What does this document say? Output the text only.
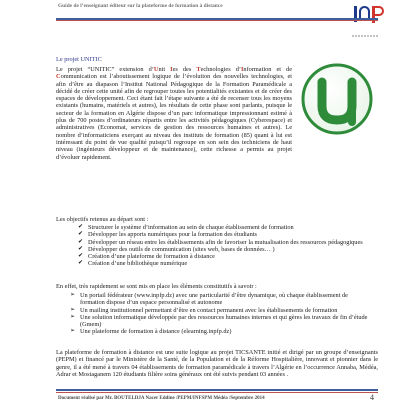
Guide de l’enseignant éditeur sur la plateforme de formation à distance
Le projet UNITIC
Le projet “UNITIC” extension d’Unit Ies des Technologies d’Information et de Communication est l’aboutissement logique de l’évolution des nouvelles technologies, et afin d’être au diapason l’Institut National Pédagogique de la Formation Paramédicale a décidé de créer cette unité afin de regrouper toutes les potentialités existantes et de créer des espaces de développement. Ceci étant fait l’étape suivante a été de recenser tous les moyens existants (humains, matériels et autres), les résultats de cette phase sont parlants, puisque le secteur de la formation en Algérie dispose d’un parc informatique impressionnant estimé à plus de 700 postes d’ordinateurs répartis entre les activités pédagogiques (Cyberespace) et administratives (Economat, services de gestion des ressources humaines et autres). Le nombre d’informaticiens exerçant au niveau des instituts de formation (85) quant à lui est intéressant du point de vue qualité puisqu’il regroupe en son sein des techniciens de haut niveau (ingénieurs développeur et de maintenance), cette richesse a permis au projet d’évoluer rapidement.
Les objectifs retenus au départ sont :
✔ Structurer le système d’information au sein de chaque établissement de formation
✔ Développer les apports numériques pour la formation des étudiants
✔ Développer un réseau entre les établissements afin de favoriser la mutualisation des ressources pédagogiques
✔ Développer des outils de communication (sites web, bases de données… )
✔ Création d’une plateforme de formation à distance
✔ Création d’une bibliothèque numérique
En effet, très rapidement se sont mis en place les éléments constitutifs à savoir :
➢ Un portail fédérateur (www.inpfp.dz) avec une particularité d’être dynamique, où chaque établissement de formation dispose d’un espace personnalisé et autonome
➢ Un mailing institutionnel permettant d’être en contact permanent avec les établissements de formation
➢ Une solution informatique développée par des ressources humaines internes et qui gères les travaux de fin d’étude (Gmem)
➢ Une plateforme de formation à distance (elearning.inpfp.dz)
La plateforme de formation à distance est une suite logique au projet TICSANTE initié et dirigé par un groupe d’enseignants (PEPM) et financé par le Ministère de la Santé, de la Population et de la Réforme Hospitalière, innovant et pionnier dans le genre, il a été mené à travers 04 établissements de formation paramédicale à travers l’Algérie en l’occurrence Annaba, Médéa, Adrar et Mostaganem 120 étudiants filière soins généraux ont été suivis pendant 03 années .
Document réalisé par Mr. BOUTELDJA Nacer Eddine /PEPM/INFSPM Médéa /Septembre 2014	4
